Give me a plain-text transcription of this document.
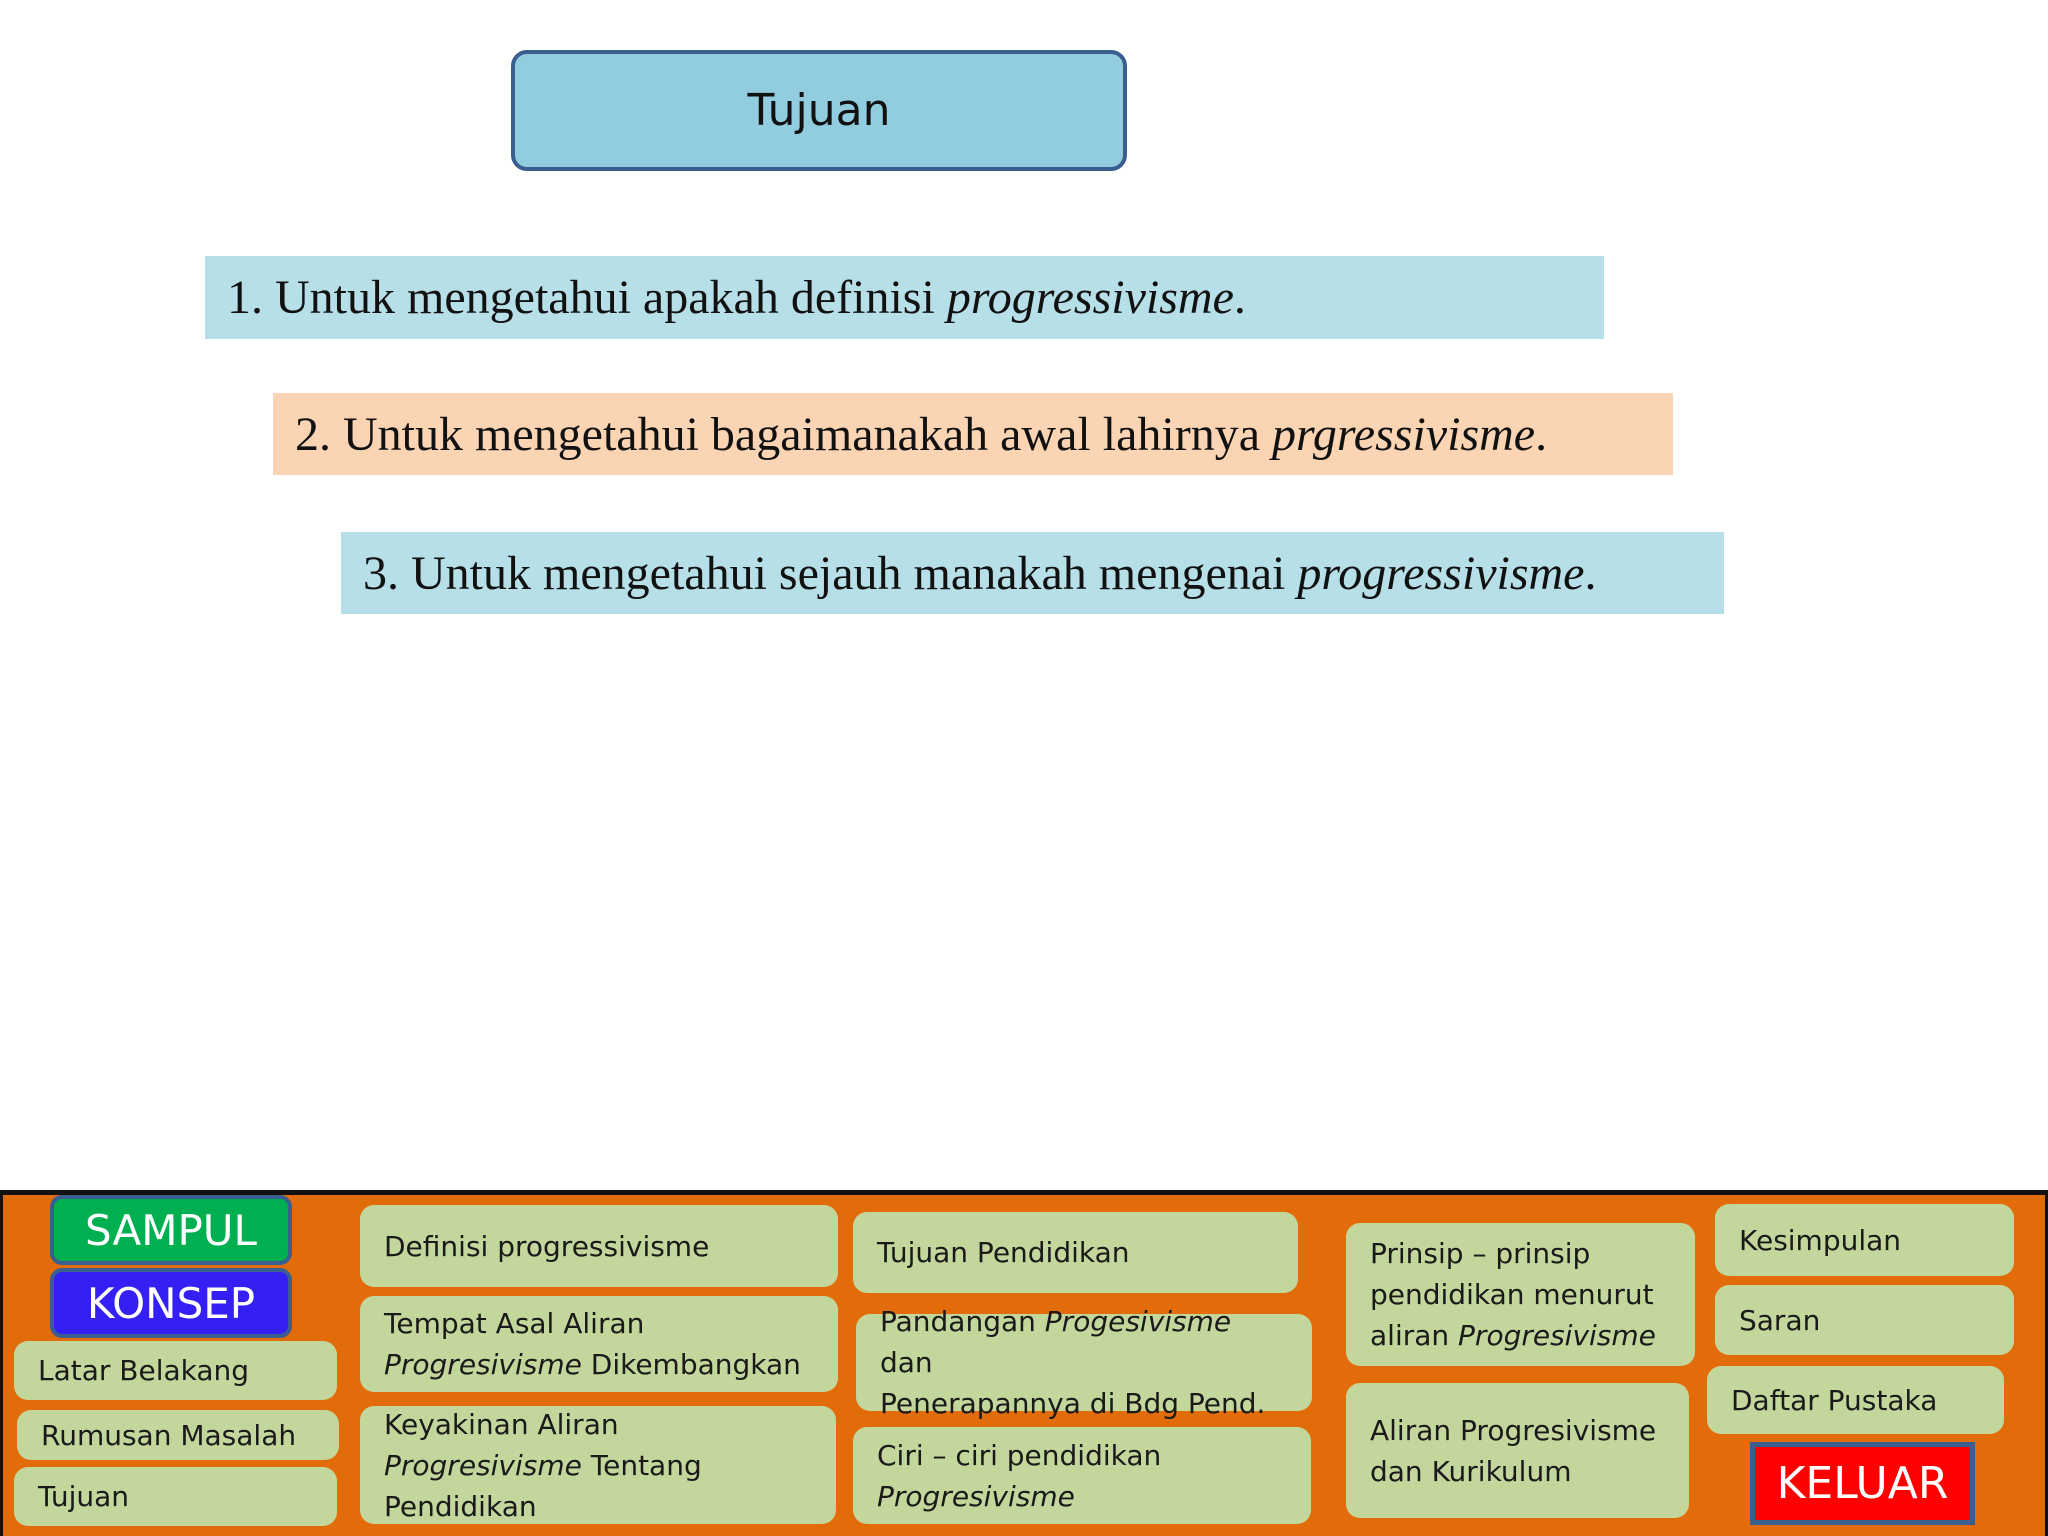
Tujuan
1. Untuk mengetahui apakah definisi
progressivisme .
2. Untuk mengetahui bagaimanakah awal lahirnya
prgressivisme .
3. Untuk mengetahui sejauh manakah mengenai
progressivisme .
SAMPUL
KONSEP
Latar Belakang
Rumusan Masalah
Tujuan
Definisi progressivisme
Tempat Asal Aliran
Progresivisme Dikembangkan
Keyakinan Aliran
Progresivisme Tentang
Pendidikan
Tujuan Pendidikan
Pandangan Progesivisme dan
Penerapannya di Bdg Pend.
Ciri – ciri pendidikan
Progresivisme
Prinsip – prinsip
pendidikan menurut
aliran Progresivisme
Aliran Progresivisme
dan Kurikulum
Kesimpulan
Saran
Daftar Pustaka
KELUAR
